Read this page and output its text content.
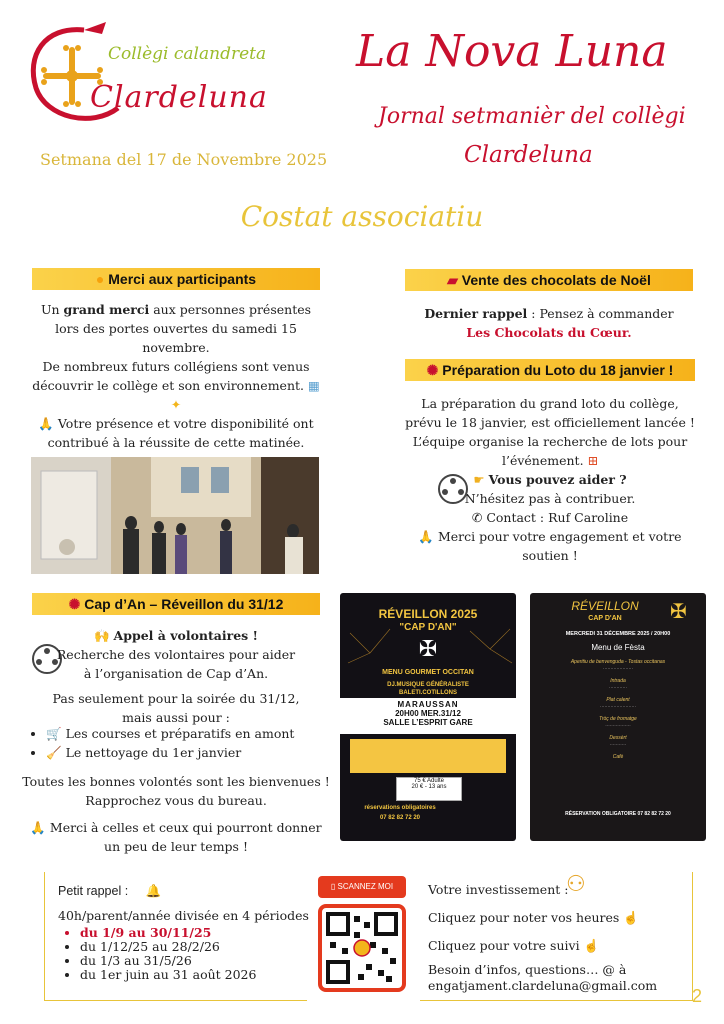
Collègi calandreta
Clardeluna
Setmana del 17 de Novembre 2025
La Nova Luna
Jornal setmanièr del collègi
Clardeluna
Costat associatiu
● Merci aux participants
Un grand merci aux personnes présentes
lors des portes ouvertes du samedi 15 novembre.
De nombreux futurs collégiens sont venus
découvrir le collège et son environnement. ▦
✦
🙏 Votre présence et votre disponibilité ont
contribué à la réussite de cette matinée.
▰ Vente des chocolats de Noël
Dernier rappel : Pensez à commander
Les Chocolats du Cœur.
✺ Préparation du Loto du 18 janvier !
La préparation du grand loto du collège,
prévu le 18 janvier, est officiellement lancée !
L’équipe organise la recherche de lots pour
l’événement. ⊞
☛ Vous pouvez aider ?
N’hésitez pas à contribuer.
✆ Contact : Ruf Caroline
🙏 Merci pour votre engagement et votre
soutien !
✺ Cap d’An – Réveillon du 31/12
🙌 Appel à volontaires !
Recherche des volontaires pour aider
à l’organisation de Cap d’An.
Pas seulement pour la soirée du 31/12,
mais aussi pour :
• 🛒 Les courses et préparatifs en amont
• 🧹 Le nettoyage du 1er janvier
Toutes les bonnes volontés sont les bienvenues !
Rapprochez vous du bureau.
🙏 Merci à celles et ceux qui pourront donner
un peu de leur temps !
RÉVEILLON 2025
"CAP D'AN"
✠
MENU GOURMET OCCITAN
DJ.MUSIQUE GÉNÉRALISTE
BALETI.COTILLONS
MARAUSSAN
20H00 MER.31/12
SALLE L’ESPRIT GARE
75 € Adulte
20 € - 13 ans
réservations obligatoires
07 82 82 72 20
RÉVEILLON
CAP D'AN	✠
MERCREDI 31 DÉCEMBRE 2025 / 20H00
Menu de Fèsta
Aperitiu de benvenguda - Tostas occitanas
····················
Intrada
············
Plat calent
························
Tròç de fromatge
·················
Dessèrt
···········
Cafè
RÉSERVATION OBLIGATOIRE 07 82 82 72 20
Petit rappel : 🔔
40h/parent/année divisée en 4 périodes
• du 1/9 au 30/11/25
• du 1/12/25 au 28/2/26
• du 1/3 au 31/5/26
• du 1er juin au 31 août 2026
▯ SCANNEZ MOI	Votre investissement :
⚇
Cliquez pour noter vos heures ☝
Cliquez pour votre suivi ☝
Besoin d’infos, questions… @ à
engatjament.clardeluna@gmail.com
2
